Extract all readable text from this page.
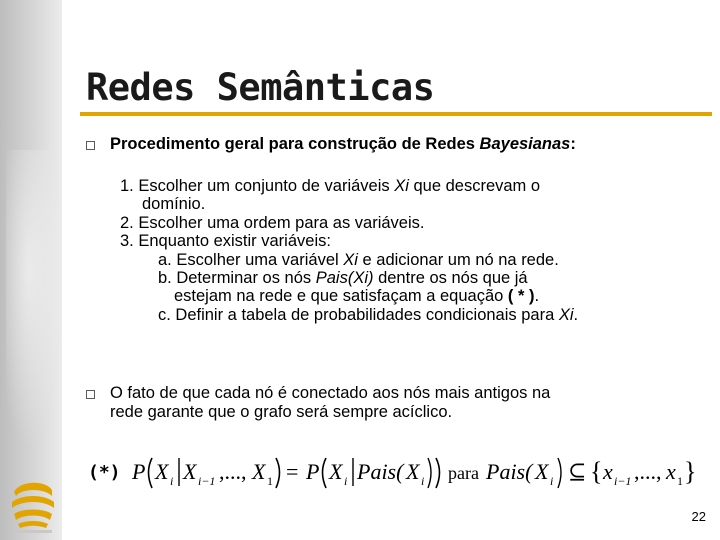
Redes Semânticas
Procedimento geral para construção de Redes Bayesianas:
1. Escolher um conjunto de variáveis Xi que descrevam o
domínio.
2. Escolher uma ordem para as variáveis.
3. Enquanto existir variáveis:
a. Escolher uma variável Xi e adicionar um nó na rede.
b. Determinar os nós Pais(Xi) dentre os nós que já
estejam na rede e que satisfaçam a equação ( * ).
c. Definir a tabela de probabilidades condicionais para Xi.
O fato de que cada nó é conectado aos nós mais antigos na
rede garante que o grafo será sempre acíclico.
(*) P X i X i−1 ,..., X 1 = P X i Pais( X i para Pais( X i ⊆ { x i−1 ,..., x 1 }
22
